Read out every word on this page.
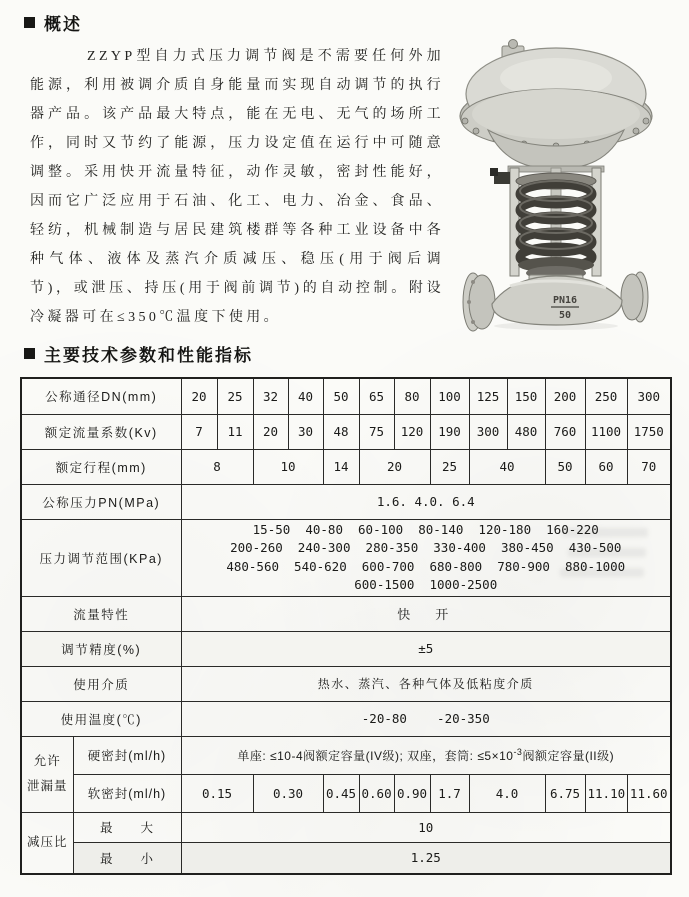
概述
ZZYP型自力式压力调节阀是不需要任何外加能源，利用被调介质自身能量而实现自动调节的执行器产品。该产品最大特点，能在无电、无气的场所工作，同时又节约了能源，压力设定值在运行中可随意调整。采用快开流量特征，动作灵敏，密封性能好，因而它广泛应用于石油、化工、电力、冶金、食品、轻纺，机械制造与居民建筑楼群等各种工业设备中各种气体、液体及蒸汽介质减压、稳压(用于阀后调节)，或泄压、持压(用于阀前调节)的自动控制。附设冷凝器可在≤350℃温度下使用。
PN16
50
主要技术参数和性能指标
公称通径DN(mm)		20	25	32	40	50	65	80	100	125	150	200	250	300
额定流量系数(Kv)		7	11	20	30	48	75	120	190	300	480	760	1100	1750
额定行程(mm)		8		10		14	20		25	40		50	60	70
公称压力PN(MPa)		1.6. 4.0. 6.4												
压力调节范围(KPa)		15-50  40-80  60-100  80-140  120-180  160-220
200-260  240-300  280-350  330-400  380-450  430-500
480-560  540-620  600-700  680-800  780-900  880-1000
600-1500  1000-2500												

流量特性		快　开												
调节精度(%)		±5												
使用介质		热水、蒸汽、各种气体及低粘度介质												
使用温度(℃)		-20-80    -20-350												

允许
泄漏量	硬密封(ml/h)	单座: ≤10-4阀额定容量(IV级); 双座，套筒: $\le 5\times 10^{-3}$阀额定容量(II级)												
	软密封(ml/h)	0.15		0.30		0.45	0.60	0.90	1.7	4.0		6.75	11.10	11.60
减压比	最　　大	10												
	最　　小	1.25												
